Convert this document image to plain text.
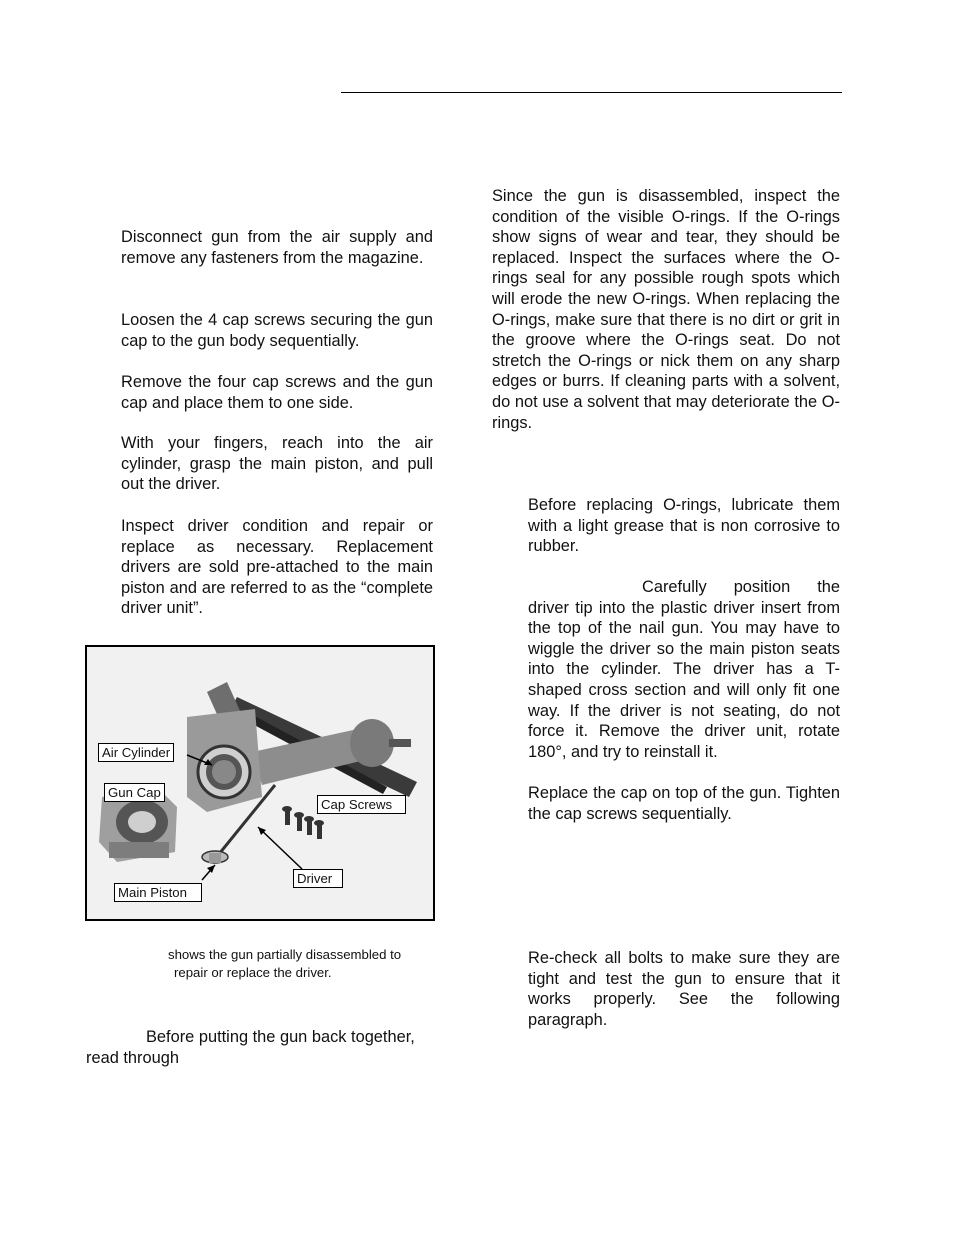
Disconnect gun from the air supply and remove any fasteners from the magazine.

Loosen the 4 cap screws securing the gun cap to the gun body sequentially.

Remove the four cap screws and the gun cap and place them to one side.

With your fingers, reach into the air cylinder, grasp the main piston, and pull out the driver.

Inspect driver condition and repair or replace as necessary. Replacement drivers are sold pre-attached to the main piston and are referred to as the “complete driver unit”.

Air Cylinder
Gun Cap
Cap Screws
Main Piston
Driver
shows the gun partially disassembled to
repair or replace the driver.

Before putting the gun back together,

read through

Since the gun is disassembled, inspect the condition of the visible O-rings. If the O-rings show signs of wear and tear, they should be replaced. Inspect the surfaces where the O-rings seal for any possible rough spots which will erode the new O-rings. When replacing the O-rings, make sure that there is no dirt or grit in the groove where the O-rings seat. Do not stretch the O-rings or nick them on any sharp edges or burrs. If cleaning parts with a solvent, do not use a solvent that may deteriorate the O-rings.

Before replacing O-rings, lubricate them with a light grease that is non corrosive to rubber.

Carefully position the driver tip into the plastic driver insert from the top of the nail gun. You may have to wiggle the driver so the main piston seats into the cylinder. The driver has a T-shaped cross section and will only fit one way. If the driver is not seating, do not force it. Remove the driver unit, rotate 180°, and try to reinstall it.

Replace the cap on top of the gun. Tighten the cap screws sequentially.

Re-check all bolts to make sure they are tight and test the gun to ensure that it works properly. See the following paragraph.
